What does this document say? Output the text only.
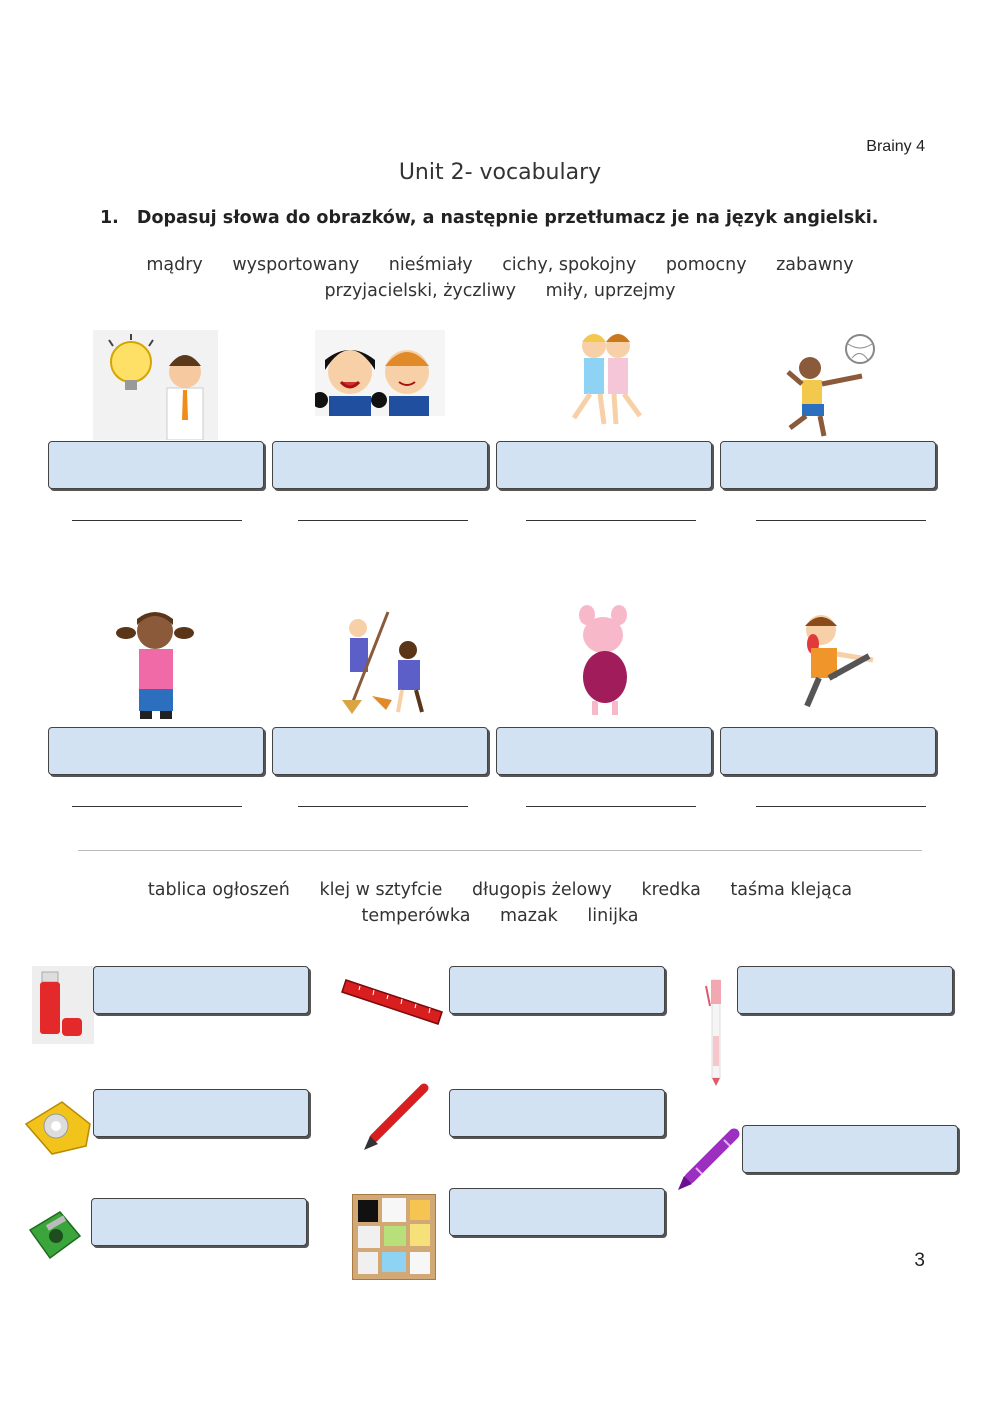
Brainy 4
Unit 2- vocabulary
1. Dopasuj słowa do obrazków, a następnie przetłumacz je na język angielski.
mądry wysportowany nieśmiały cichy, spokojny pomocny zabawny
przyjacielski, życzliwy miły, uprzejmy
tablica ogłoszeń klej w sztyfcie długopis żelowy kredka taśma klejąca
temperówka mazak linijka
3
